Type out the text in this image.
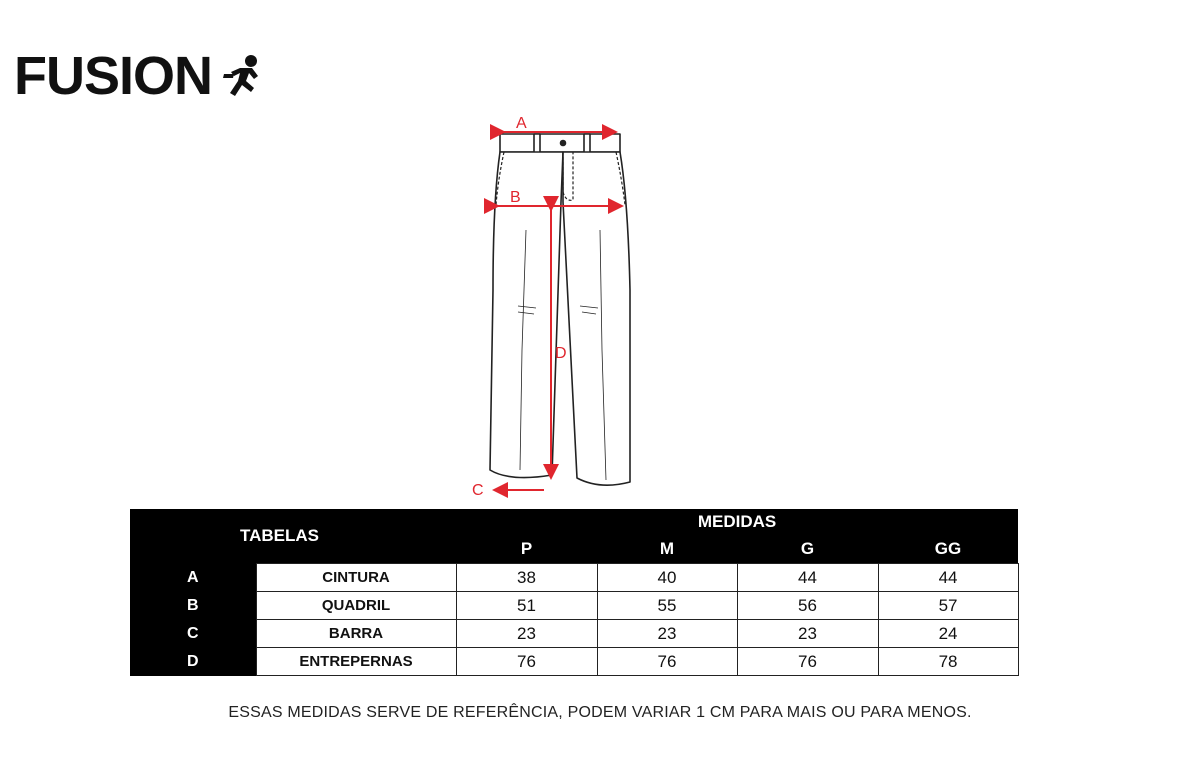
FUSION
A
B
D
C
TABELAS		MEDIDAS			
		P	M	G	GG
A	CINTURA	38	40	44	44
B	QUADRIL	51	55	56	57
C	BARRA	23	23	23	24
D	ENTREPERNAS	76	76	76	78
ESSAS MEDIDAS SERVE DE REFERÊNCIA, PODEM VARIAR 1 CM PARA MAIS OU PARA MENOS.
